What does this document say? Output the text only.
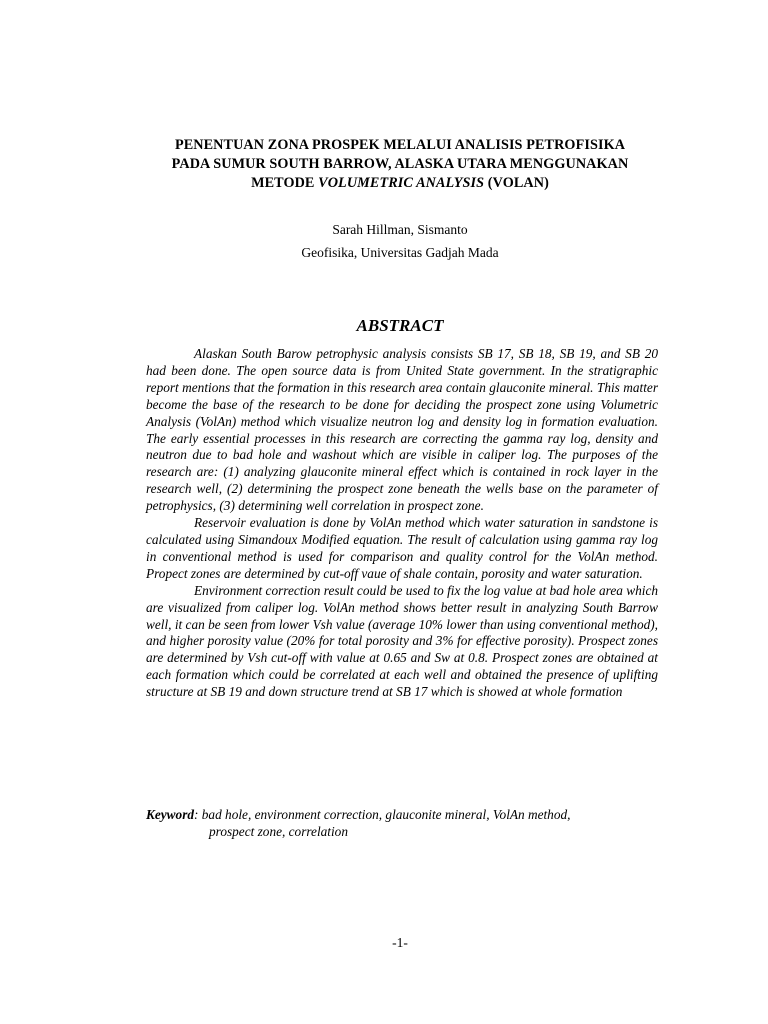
PENENTUAN ZONA PROSPEK MELALUI ANALISIS PETROFISIKA
PADA SUMUR SOUTH BARROW, ALASKA UTARA MENGGUNAKAN
METODE VOLUMETRIC ANALYSIS (VOLAN)
Sarah Hillman, Sismanto
Geofisika, Universitas Gadjah Mada
ABSTRACT

Alaskan South Barow petrophysic analysis consists SB 17, SB 18, SB 19, and SB 20 had been done. The open source data is from United State government. In the stratigraphic report mentions that the formation in this research area contain glauconite mineral. This matter become the base of the research to be done for deciding the prospect zone using Volumetric Analysis (VolAn) method which visualize neutron log and density log in formation evaluation. The early essential processes in this research are correcting the gamma ray log, density and neutron due to bad hole and washout which are visible in caliper log. The purposes of the research are: (1) analyzing glauconite mineral effect which is contained in rock layer in the research well, (2) determining the prospect zone beneath the wells base on the parameter of petrophysics, (3) determining well correlation in prospect zone.

Reservoir evaluation is done by VolAn method which water saturation in sandstone is calculated using Simandoux Modified equation. The result of calculation using gamma ray log in conventional method is used for comparison and quality control for the VolAn method. Propect zones are determined by cut-off vaue of shale contain, porosity and water saturation.

Environment correction result could be used to fix the log value at bad hole area which are visualized from caliper log. VolAn method shows better result in analyzing South Barrow well, it can be seen from lower Vsh value (average 10% lower than using conventional method), and higher porosity value (20% for total porosity and 3% for effective porosity). Prospect zones are determined by Vsh cut-off with value at 0.65 and Sw at 0.8. Prospect zones are obtained at each formation which could be correlated at each well and obtained the presence of uplifting structure at SB 19 and down structure trend at SB 17 which is showed at whole formation

Keyword: bad hole, environment correction, glauconite mineral, VolAn method,
prospect zone, correlation
-1-
